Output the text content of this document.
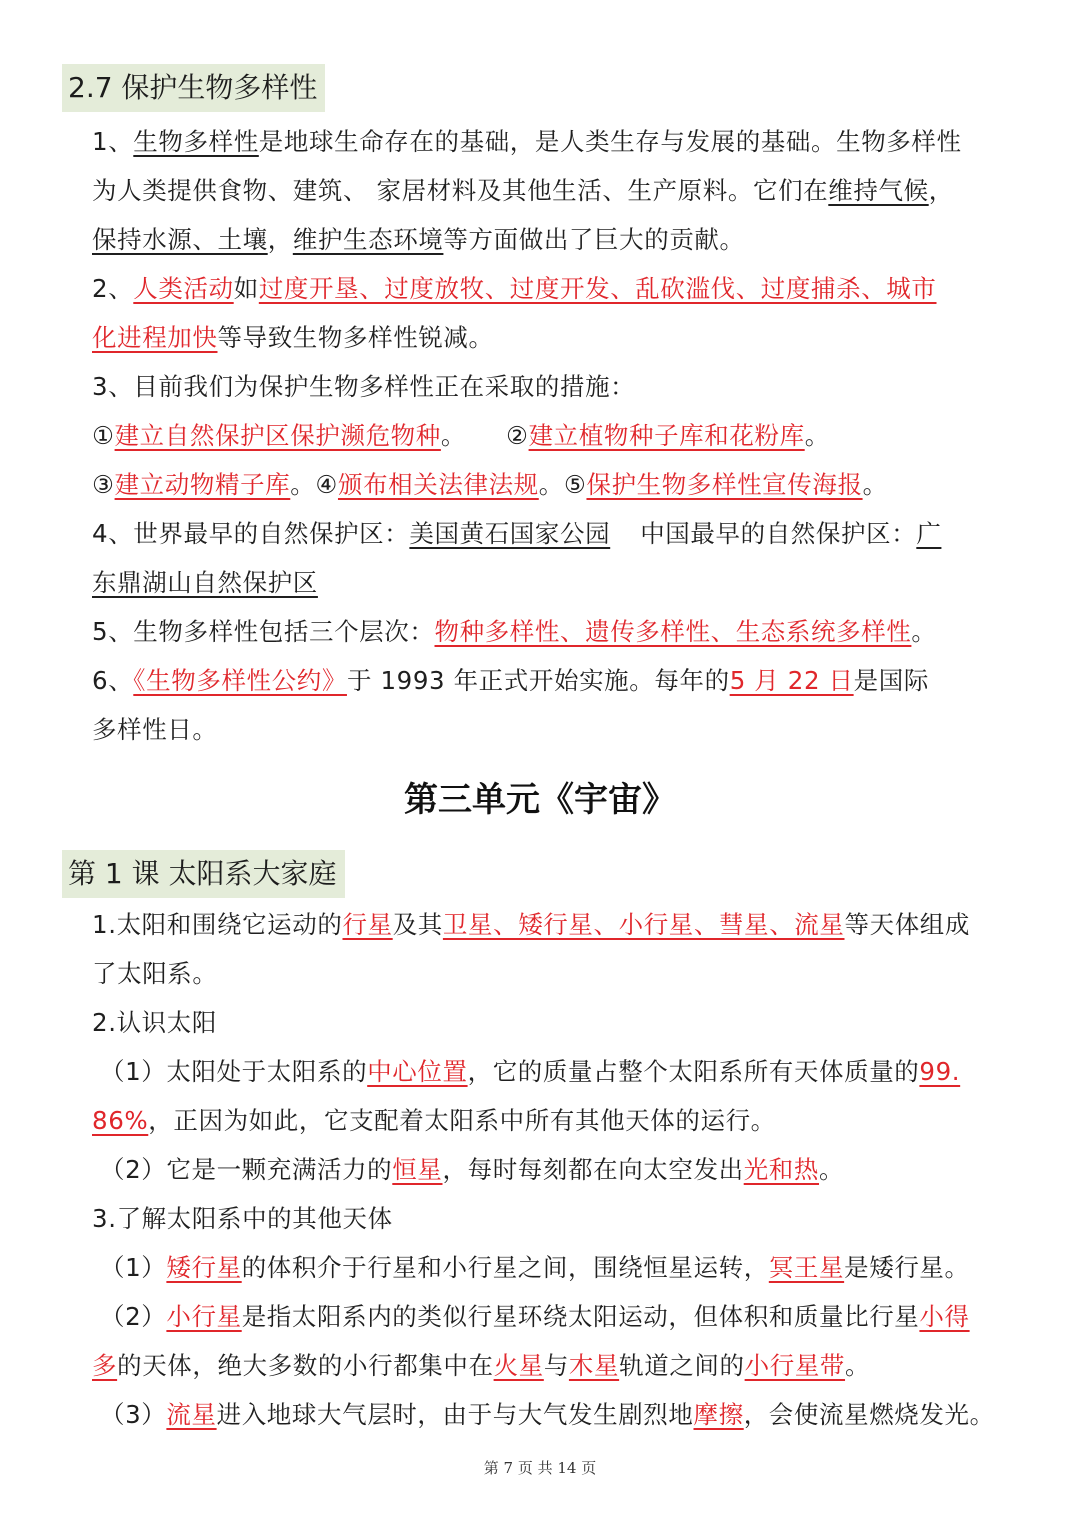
2.7 保护生物多样性
1、生物多样性是地球生命存在的基础，是人类生存与发展的基础。生物多样性
为人类提供食物、建筑、 家居材料及其他生活、生产原料。它们在维持气候，
保持水源、土壤，维护生态环境等方面做出了巨大的贡献。
2、人类活动如过度开垦、过度放牧、过度开发、乱砍滥伐、过度捕杀、城市
化进程加快等导致生物多样性锐减。
3、目前我们为保护生物多样性正在采取的措施：
①建立自然保护区保护濒危物种。 ②建立植物种子库和花粉库。
③建立动物精子库。④颁布相关法律法规。⑤保护生物多样性宣传海报。
4、世界最早的自然保护区：美国黄石国家公园 中国最早的自然保护区：广
东鼎湖山自然保护区
5、生物多样性包括三个层次：物种多样性、遗传多样性、生态系统多样性。
6、《生物多样性公约》于 1993 年正式开始实施。每年的5 月 22 日是国际
多样性日。
第三单元《宇宙》
第 1 课 太阳系大家庭
1.太阳和围绕它运动的行星及其卫星、矮行星、小行星、彗星、流星等天体组成
了太阳系。
2.认识太阳
（1）太阳处于太阳系的中心位置，它的质量占整个太阳系所有天体质量的99.
86%，正因为如此，它支配着太阳系中所有其他天体的运行。
（2）它是一颗充满活力的恒星，每时每刻都在向太空发出光和热。
3.了解太阳系中的其他天体
（1）矮行星的体积介于行星和小行星之间，围绕恒星运转，冥王星是矮行星。
（2）小行星是指太阳系内的类似行星环绕太阳运动，但体积和质量比行星小得
多的天体，绝大多数的小行都集中在火星与木星轨道之间的小行星带。
（3）流星进入地球大气层时，由于与大气发生剧烈地摩擦，会使流星燃烧发光。
第 7 页 共 14 页
